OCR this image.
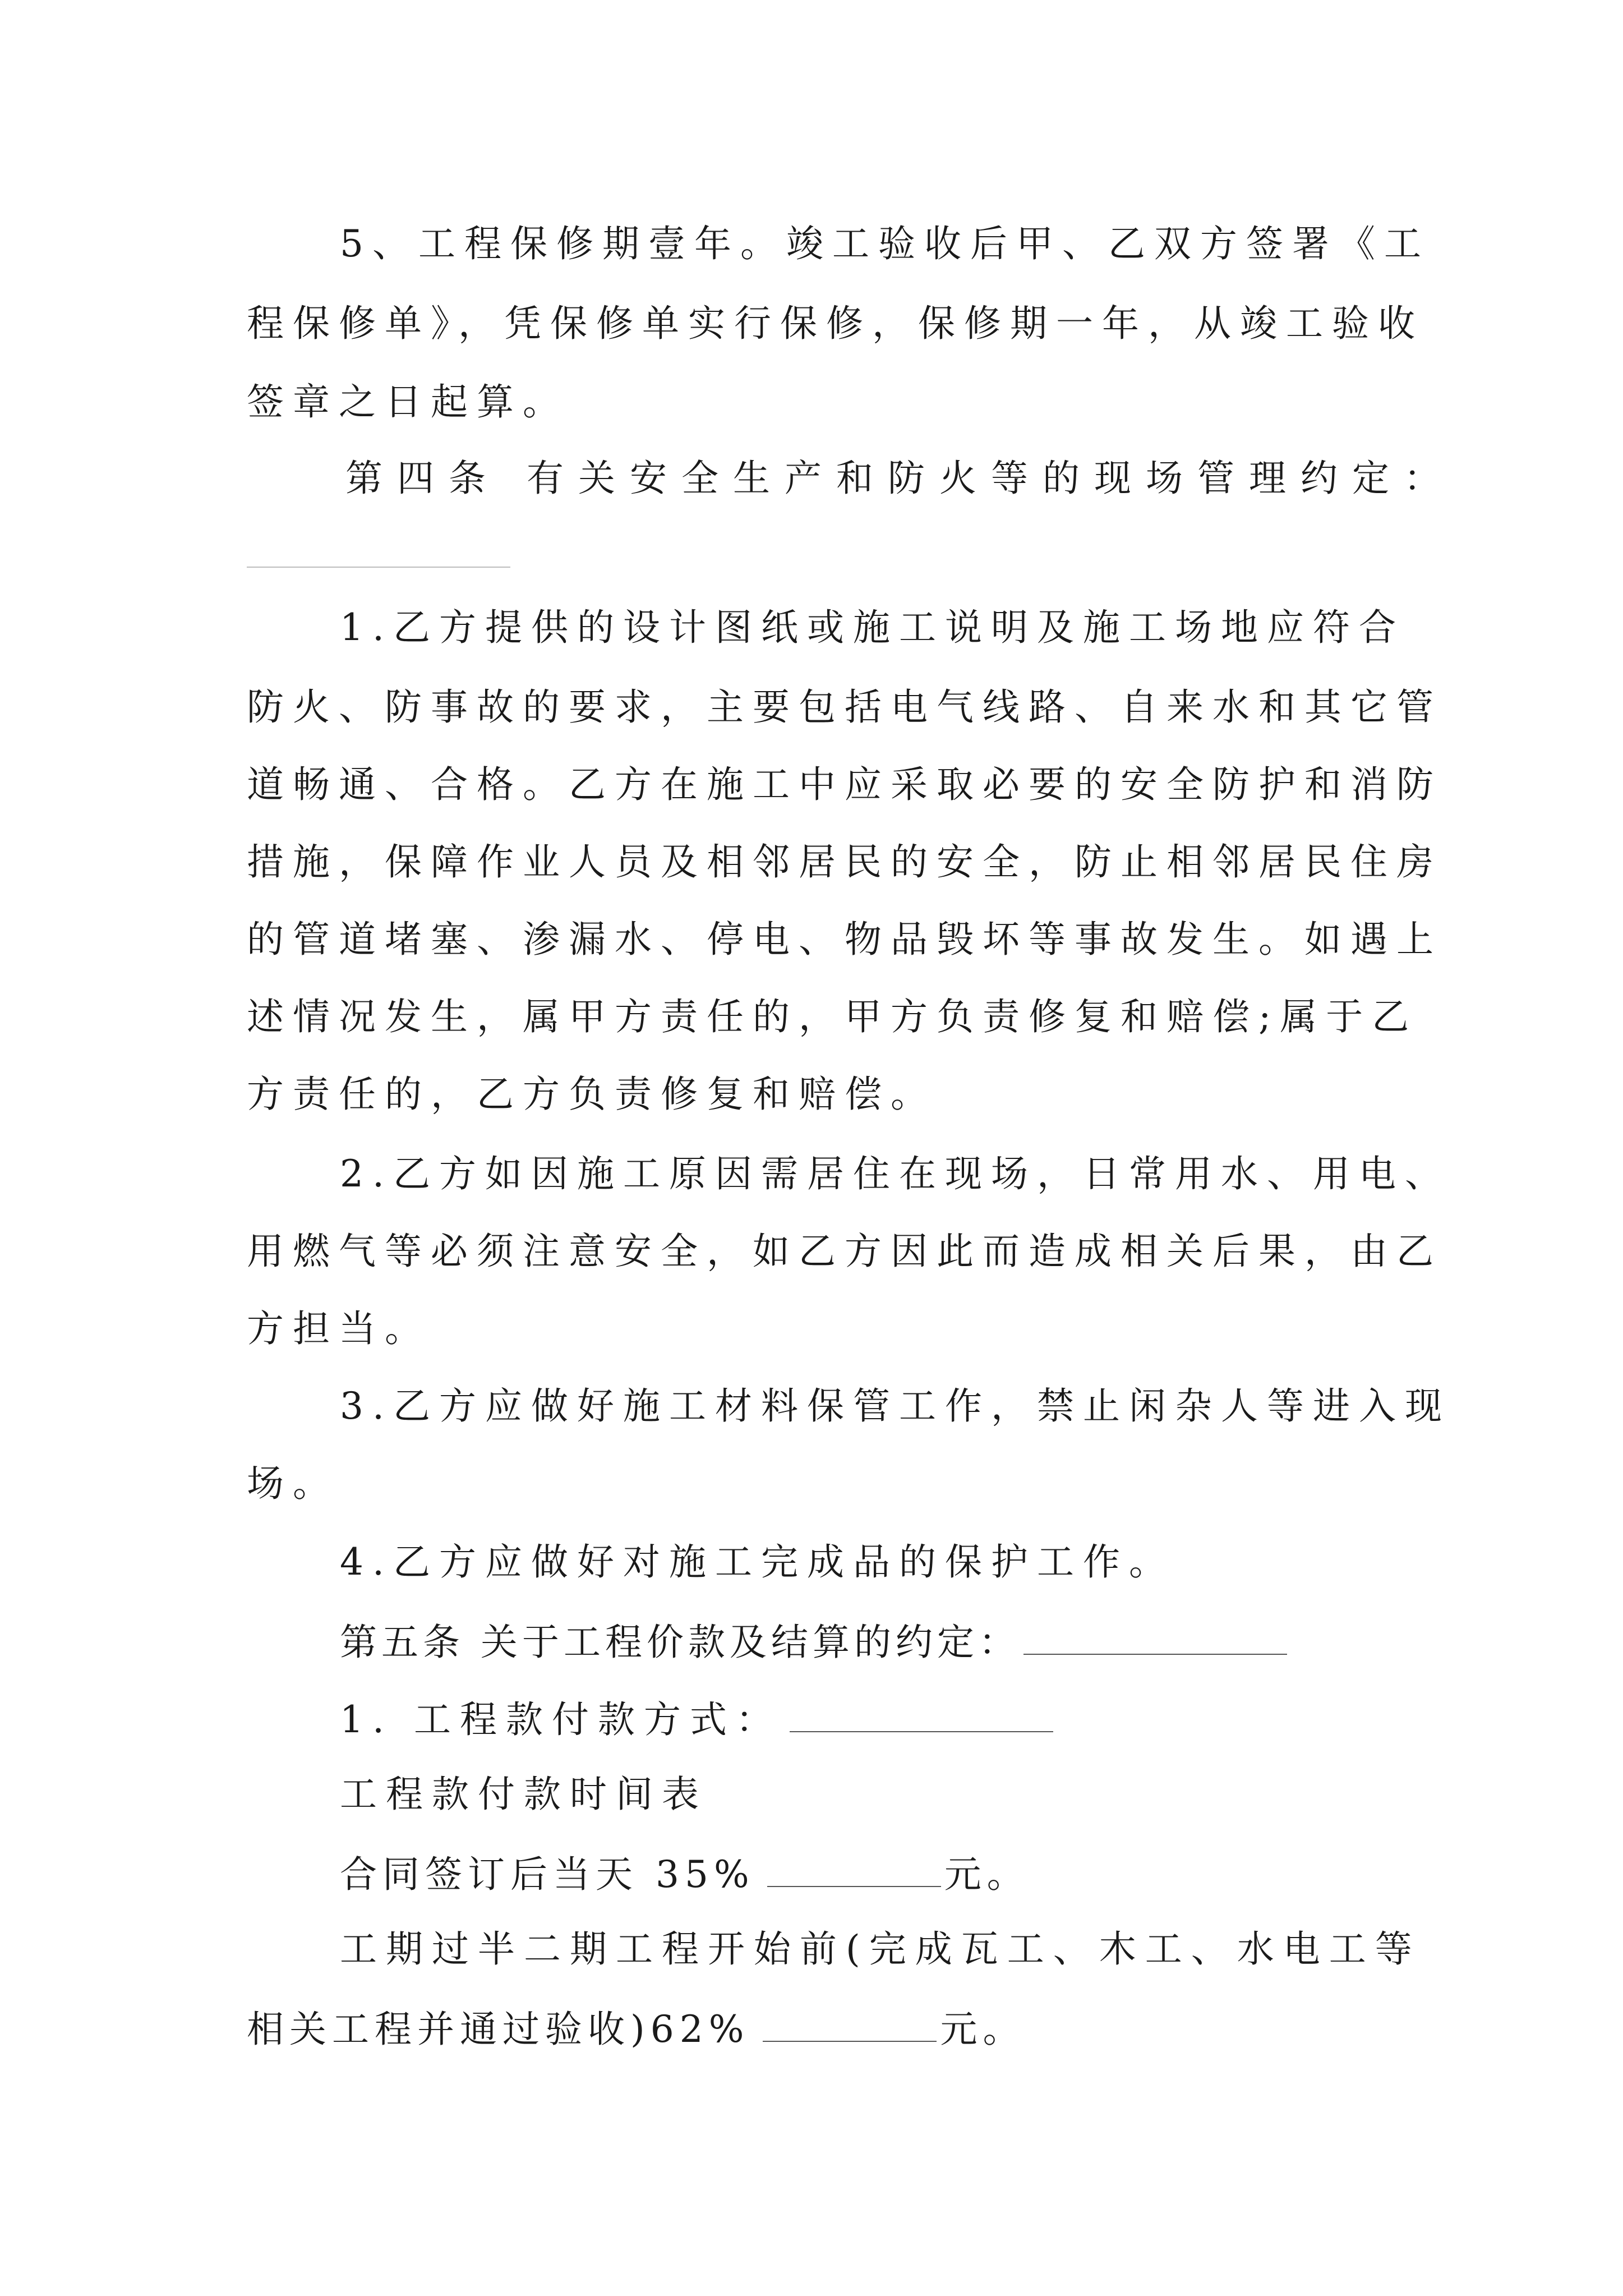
5、工程保修期壹年。竣工验收后甲、乙双方签署《工
程保修单》，凭保修单实行保修，保修期一年，从竣工验收
签章之日起算。
第四条 有关安全生产和防火等的现场管理约定：
1.乙方提供的设计图纸或施工说明及施工场地应符合
防火、防事故的要求，主要包括电气线路、自来水和其它管
道畅通、合格。乙方在施工中应采取必要的安全防护和消防
措施，保障作业人员及相邻居民的安全，防止相邻居民住房
的管道堵塞、渗漏水、停电、物品毁坏等事故发生。如遇上
述情况发生，属甲方责任的，甲方负责修复和赔偿;属于乙
方责任的，乙方负责修复和赔偿。
2.乙方如因施工原因需居住在现场，日常用水、用电、
用燃气等必须注意安全，如乙方因此而造成相关后果，由乙
方担当。
3.乙方应做好施工材料保管工作，禁止闲杂人等进入现
场。
4.乙方应做好对施工完成品的保护工作。
第五条 关于工程价款及结算的约定：
1. 工程款付款方式：
工程款付款时间表
合同签订后当天 35%	元。
工期过半二期工程开始前(完成瓦工、木工、水电工等
相关工程并通过验收)62%	元。
